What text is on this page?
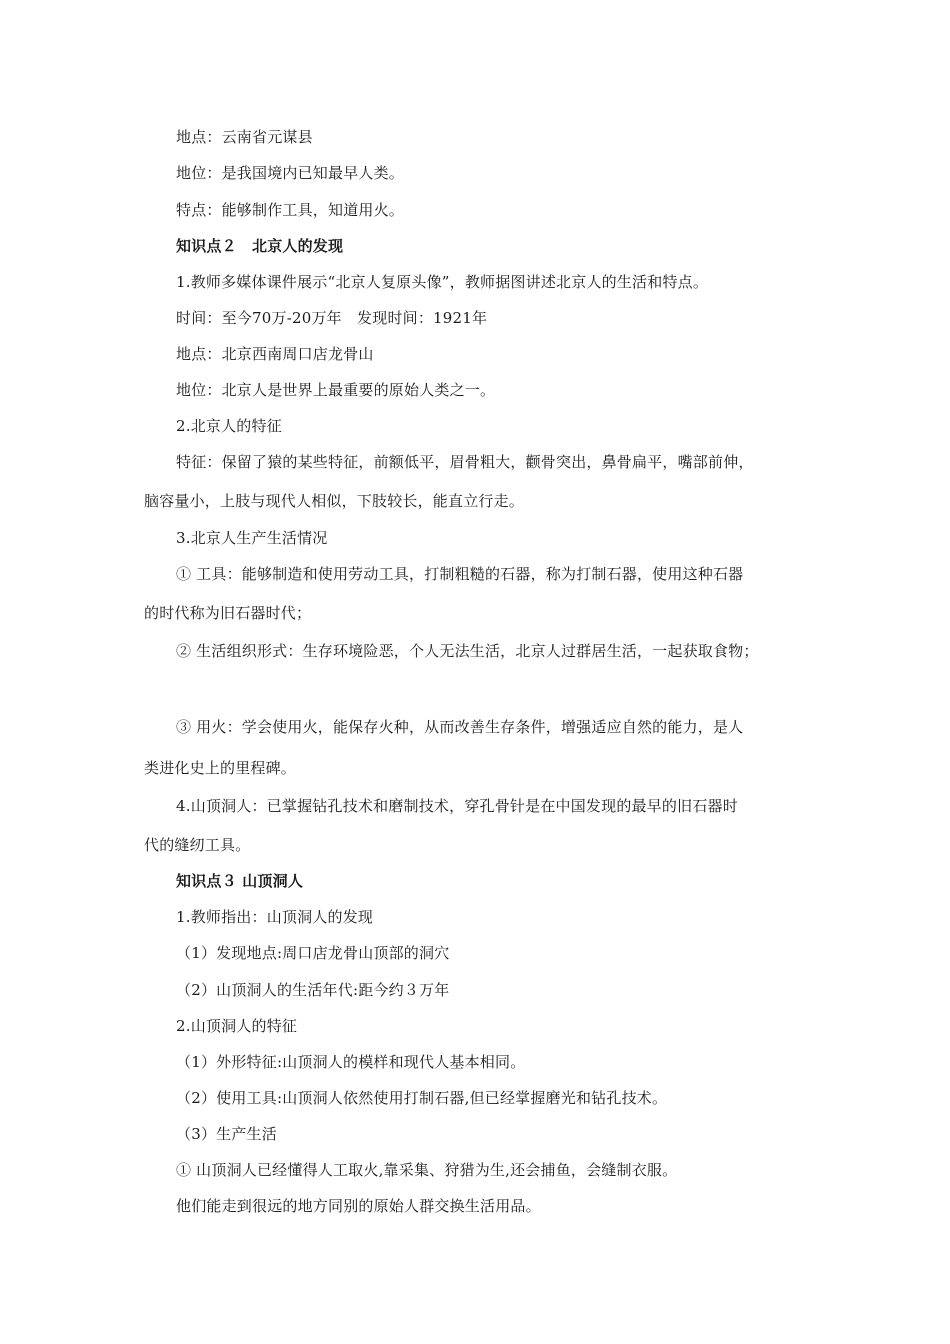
地点：云南省元谋县
地位：是我国境内已知最早人类。
特点：能够制作工具，知道用火。
知识点２　北京人的发现
1.教师多媒体课件展示“北京人复原头像”，教师据图讲述北京人的生活和特点。
时间：至今70万-20万年　发现时间：1921年
地点：北京西南周口店龙骨山
地位：北京人是世界上最重要的原始人类之一。
2.北京人的特征
特征：保留了猿的某些特征，前额低平，眉骨粗大，颧骨突出，鼻骨扁平，嘴部前伸，
脑容量小，上肢与现代人相似，下肢较长，能直立行走。
3.北京人生产生活情况
① 工具：能够制造和使用劳动工具，打制粗糙的石器，称为打制石器，使用这种石器
的时代称为旧石器时代；
② 生活组织形式：生存环境险恶，个人无法生活，北京人过群居生活，一起获取食物；
③ 用火：学会使用火，能保存火种，从而改善生存条件，增强适应自然的能力，是人
类进化史上的里程碑。
4.山顶洞人：已掌握钻孔技术和磨制技术，穿孔骨针是在中国发现的最早的旧石器时
代的缝纫工具。
知识点３ 山顶洞人
1.教师指出：山顶洞人的发现
（1）发现地点:周口店龙骨山顶部的洞穴
（2）山顶洞人的生活年代:距今约３万年
2.山顶洞人的特征
（1）外形特征:山顶洞人的模样和现代人基本相同。
（2）使用工具:山顶洞人依然使用打制石器,但已经掌握磨光和钻孔技术。
（3）生产生活
① 山顶洞人已经懂得人工取火,靠采集、狩猎为生,还会捕鱼，会缝制衣服。
他们能走到很远的地方同别的原始人群交换生活用品。
